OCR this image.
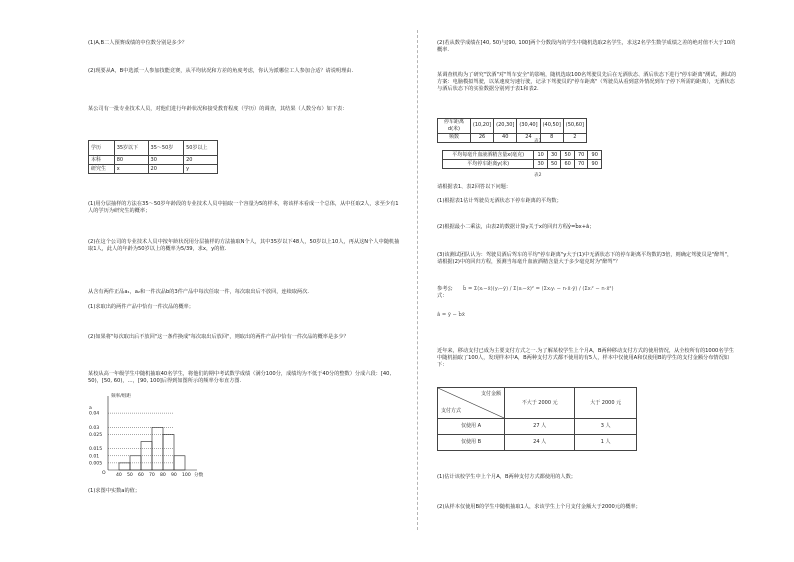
(1)A,B二人预赛成绩的中位数分别是多少？

(2)现要从A，B中选派一人参加技能竞赛，从平均状况和方差的角度考虑，你认为派哪位工人参加合适？请说明理由.

某公司有一批专业技术人员，对他们进行年龄状况和接受教育程度（学历）的调查，其结果（人数分布）如下表：

学历	35岁以下	35～50岁	50岁以上
本科	80	30	20
研究生	x	20	y

(1)用分层抽样的方法在35～50岁年龄段的专业技术人员中抽取一个容量为5的样本，将该样本看成一个总体，从中任取2人，求至少有1人的学历为研究生的概率；

(2)在这个公司的专业技术人员中按年龄状况用分层抽样的方法抽取N个人，其中35岁以下48人，50岁以上10人，再从这N个人中随机抽取1人，此人的年龄为50岁以上的概率为5/39，求x，y的值.

从含有两件正品a₁，a₂和一件次品b的3件产品中每次任取一件，每次取出后不放回，连续取两次.

(1)求取出的两件产品中恰有一件次品的概率；

(2)如果将"每次取出后不放回"这一条件换成"每次取出后放回"，则取出的两件产品中恰有一件次品的概率是多少？

某校从高一年级学生中随机抽取40名学生，将他们的期中考试数学成绩（满分100分，成绩均为不低于40分的整数）分成六段：[40, 50)，[50, 60)，…，[90, 100]后得到如图所示的频率分布直方图.

频率/组距
O
0.04
0.03
0.025
0.015
0.01
0.005
a
40 50 60 70 80 90 100 分数

(1)求图中实数a的值；

(2)若从数学成绩在[40, 50)与[90, 100]两个分数段内的学生中随机选取2名学生，求这2名学生数学成绩之差的绝对值不大于10的概率.

某调查机构为了研究"饮酒"对"驾车安全"的影响，随机选取100名驾驶员先后在无酒状态、酒后状态下进行"停车距离"测试，测试的方案：电脑模拟驾驶，以某速度匀速行驶，记录下驾驶员的"停车距离"（驾驶员从看到意外情况到车子停下所需的距离），无酒状态与酒后状态下的实验数据分别列于表1和表2.

停车距离d(米)	(10,20]	(20,30]	(30,40]	(40,50]	(50,60]
频数	26	40	24	8	2
表1
平均每毫升血液酒精含量x(毫克)	10	30	50	70	90
平均停车距离y(米)	30	50	60	70	90
表2

请根据表1、表2回答以下问题：

(1)根据表1估计驾驶员无酒状态下停车距离的平均数；

(2)根据最小二乘法，由表2的数据计算y关于x的回归方程ŷ=b̂x+â；

(3)该测试团队认为：驾驶员酒后驾车的平均"停车距离"y大于(1)中无酒状态下的停车距离平均数的3倍，则确定驾驶员是"醉驾"，请根据(2)中的回归方程，预测当每毫升血液酒精含量大于多少毫克时为"醉驾"？

参考公式：

b̂ = Σ(xᵢ−x̄)(yᵢ−ȳ) / Σ(xᵢ−x̄)² = (Σxᵢyᵢ − n·x̄·ȳ) / (Σxᵢ² − n·x̄²)

â = ȳ − b̂x̄

近年来，移动支付已成为主要支付方式之一.为了解某校学生上个月A，B两种移动支付方式的使用情况，从全校所有的1000名学生中随机抽取了100人，发现样本中A，B两种支付方式都不使用的有5人，样本中仅使用A和仅使用B的学生的支付金额分布情况如下：

支付金额
支付方式	不大于 2000 元	大于 2000 元
仅使用 A	27 人	3 人
仅使用 B	24 人	1 人

(1)估计该校学生中上个月A，B两种支付方式都使用的人数；

(2)从样本仅使用B的学生中随机抽取1人，求该学生上个月支付金额大于2000元的概率；
